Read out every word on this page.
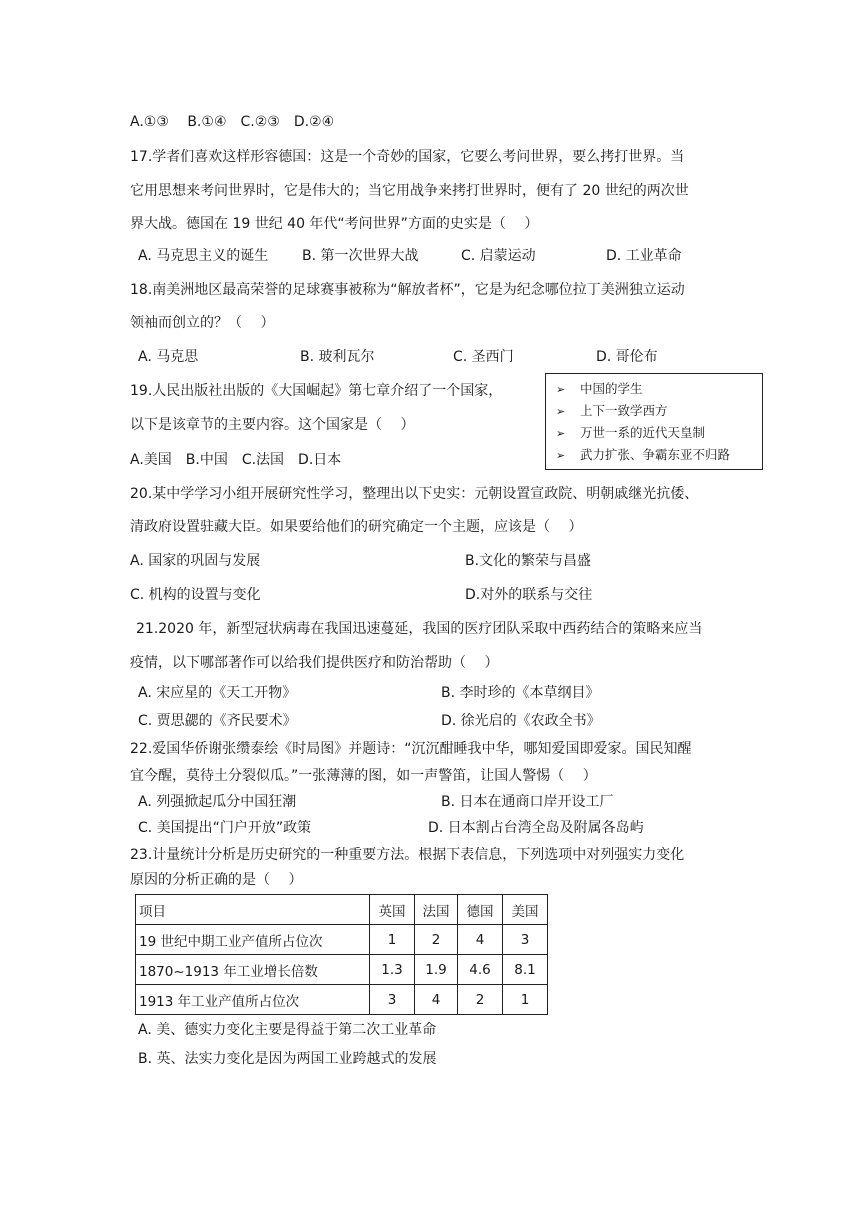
A.①③　 B.①④　C.②③　D.②④
17.学者们喜欢这样形容德国：这是一个奇妙的国家，它要么考问世界，要么拷打世界。当
它用思想来考问世界时，它是伟大的；当它用战争来拷打世界时，便有了 20 世纪的两次世
界大战。德国在 19 世纪 40 年代“考问世界”方面的史实是（　 ）
A. 马克思主义的诞生 B. 第一次世界大战	C. 启蒙运动	D. 工业革命
18.南美洲地区最高荣誉的足球赛事被称为“解放者杯”，它是为纪念哪位拉丁美洲独立运动
领袖而创立的？（　 ）
A. 马克思	B. 玻利瓦尔	C. 圣西门	D. 哥伦布
19.人民出版社出版的《大国崛起》第七章介绍了一个国家，
以下是该章节的主要内容。这个国家是（　 ）
A.美国　B.中国　C.法国　D.日本
➢ 中国的学生
➢ 上下一致学西方
➢ 万世一系的近代天皇制
➢ 武力扩张、争霸东亚不归路
20.某中学学习小组开展研究性学习，整理出以下史实：元朝设置宣政院、明朝戚继光抗倭、
清政府设置驻藏大臣。如果要给他们的研究确定一个主题，应该是（　 ）
A. 国家的巩固与发展	B.文化的繁荣与昌盛
C. 机构的设置与变化	D.对外的联系与交往
21.2020 年，新型冠状病毒在我国迅速蔓延，我国的医疗团队采取中西药结合的策略来应当
疫情，以下哪部著作可以给我们提供医疗和防治帮助（　 ）
A. 宋应星的《天工开物》	B. 李时珍的《本草纲目》
C. 贾思勰的《齐民要术》	D. 徐光启的《农政全书》
22.爱国华侨谢张缵泰绘《时局图》并题诗：“沉沉酣睡我中华，哪知爱国即爱家。国民知醒
宜今醒，莫待土分裂似瓜。”一张薄薄的图，如一声警笛，让国人警惕（　 ）
A. 列强掀起瓜分中国狂潮	B. 日本在通商口岸开设工厂
C. 美国提出“门户开放”政策	D. 日本割占台湾全岛及附属各岛屿
23.计量统计分析是历史研究的一种重要方法。根据下表信息，下列选项中对列强实力变化
原因的分析正确的是（　 ）
项目	英国	法国	德国	美国
19 世纪中期工业产值所占位次	1	2	4	3
1870~1913 年工业增长倍数	1.3	1.9	4.6	8.1
1913 年工业产值所占位次	3	4	2	1
A. 美、德实力变化主要是得益于第二次工业革命
B. 英、法实力变化是因为两国工业跨越式的发展
